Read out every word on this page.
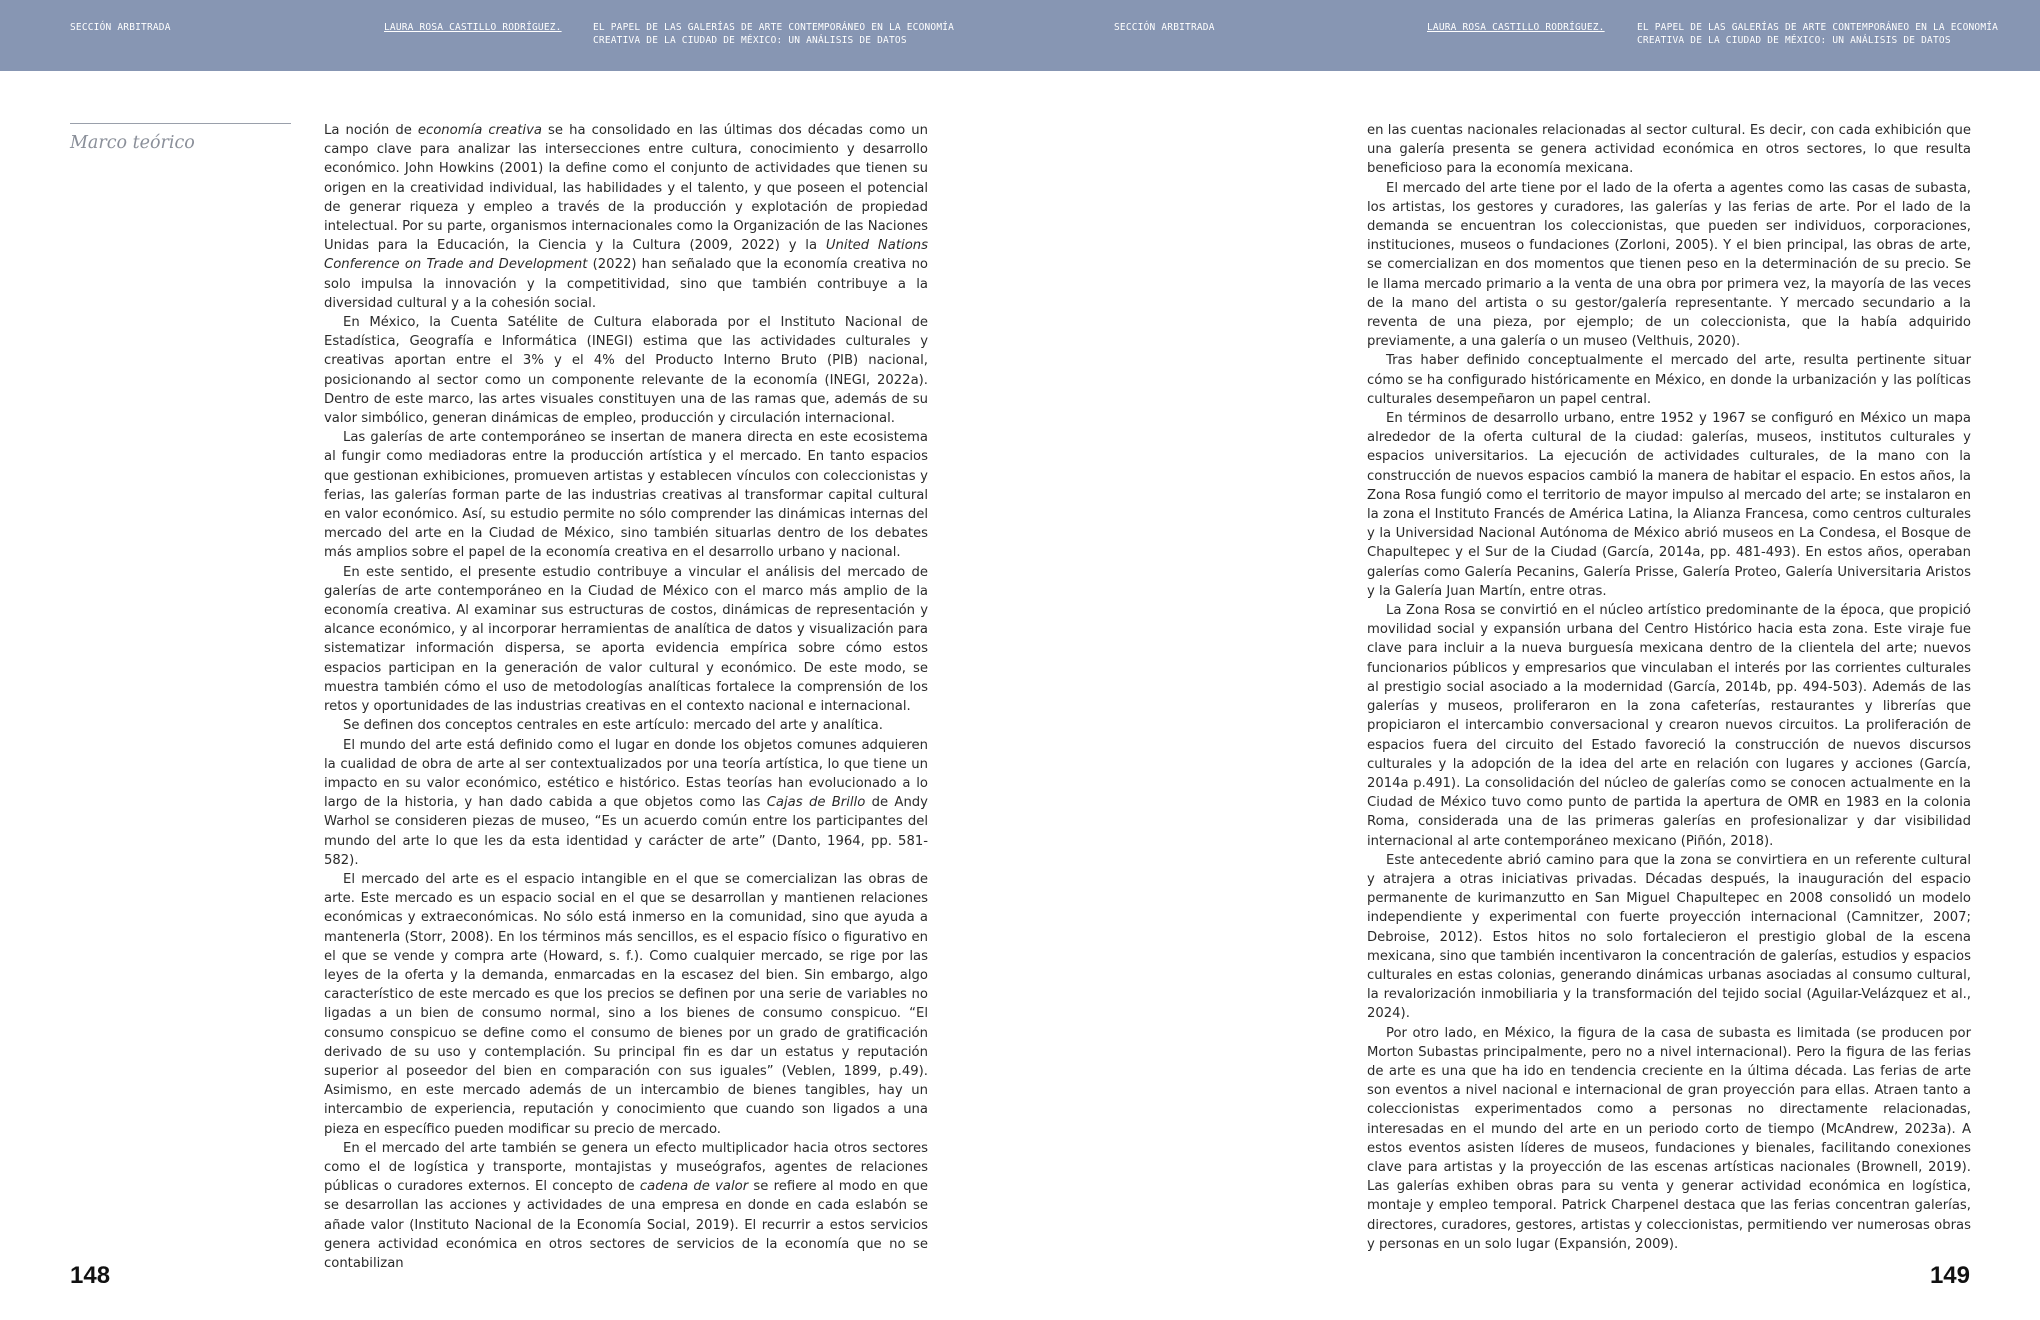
SECCIÓN ARBITRADA	LAURA ROSA CASTILLO RODRÍGUEZ.	EL PAPEL DE LAS GALERÍAS DE ARTE CONTEMPORÁNEO EN LA ECONOMÍA
CREATIVA DE LA CIUDAD DE MÉXICO: UN ANÁLISIS DE DATOS
SECCIÓN ARBITRADA	LAURA ROSA CASTILLO RODRÍGUEZ.	EL PAPEL DE LAS GALERÍAS DE ARTE CONTEMPORÁNEO EN LA ECONOMÍA
CREATIVA DE LA CIUDAD DE MÉXICO: UN ANÁLISIS DE DATOS
Marco teórico

La noción de economía creativa se ha consolidado en las últimas dos décadas como un campo clave para analizar las intersecciones entre cultura, conocimiento y desarrollo económico. John Howkins (2001) la define como el conjunto de actividades que tienen su origen en la creatividad individual, las habilidades y el talento, y que poseen el potencial de generar riqueza y empleo a través de la producción y explotación de propiedad intelectual. Por su parte, organismos internacionales como la Organización de las Naciones Unidas para la Educación, la Ciencia y la Cultura (2009, 2022) y la United Nations Conference on Trade and Development (2022) han señalado que la economía creativa no solo impulsa la innovación y la competitividad, sino que también contribuye a la diversidad cultural y a la cohesión social.

En México, la Cuenta Satélite de Cultura elaborada por el Instituto Nacional de Estadística, Geografía e Informática (INEGI) estima que las actividades culturales y creativas aportan entre el 3% y el 4% del Producto Interno Bruto (PIB) nacional, posicionando al sector como un componente relevante de la economía (INEGI, 2022a). Dentro de este marco, las artes visuales constituyen una de las ramas que, además de su valor simbólico, generan dinámicas de empleo, producción y circulación internacional.

Las galerías de arte contemporáneo se insertan de manera directa en este ecosistema al fungir como mediadoras entre la producción artística y el mercado. En tanto espacios que gestionan exhibiciones, promueven artistas y establecen vínculos con coleccionistas y ferias, las galerías forman parte de las industrias creativas al transformar capital cultural en valor económico. Así, su estudio permite no sólo comprender las dinámicas internas del mercado del arte en la Ciudad de México, sino también situarlas dentro de los debates más amplios sobre el papel de la economía creativa en el desarrollo urbano y nacional.

En este sentido, el presente estudio contribuye a vincular el análisis del mercado de galerías de arte contemporáneo en la Ciudad de México con el marco más amplio de la economía creativa. Al examinar sus estructuras de costos, dinámicas de representación y alcance económico, y al incorporar herramientas de analítica de datos y visualización para sistematizar información dispersa, se aporta evidencia empírica sobre cómo estos espacios participan en la generación de valor cultural y económico. De este modo, se muestra también cómo el uso de metodologías analíticas fortalece la comprensión de los retos y oportunidades de las industrias creativas en el contexto nacional e internacional.

Se definen dos conceptos centrales en este artículo: mercado del arte y analítica.

El mundo del arte está definido como el lugar en donde los objetos comunes adquieren la cualidad de obra de arte al ser contextualizados por una teoría artística, lo que tiene un impacto en su valor económico, estético e histórico. Estas teorías han evolucionado a lo largo de la historia, y han dado cabida a que objetos como las Cajas de Brillo de Andy Warhol se consideren piezas de museo, “Es un acuerdo común entre los participantes del mundo del arte lo que les da esta identidad y carácter de arte” (Danto, 1964, pp. 581-582).

El mercado del arte es el espacio intangible en el que se comercializan las obras de arte. Este mercado es un espacio social en el que se desarrollan y mantienen relaciones económicas y extraeconómicas. No sólo está inmerso en la comunidad, sino que ayuda a mantenerla (Storr, 2008). En los términos más sencillos, es el espacio físico o figurativo en el que se vende y compra arte (Howard, s. f.). Como cualquier mercado, se rige por las leyes de la oferta y la demanda, enmarcadas en la escasez del bien. Sin embargo, algo característico de este mercado es que los precios se definen por una serie de variables no ligadas a un bien de consumo normal, sino a los bienes de consumo conspicuo. “El consumo conspicuo se define como el consumo de bienes por un grado de gratificación derivado de su uso y contemplación. Su principal fin es dar un estatus y reputación superior al poseedor del bien en comparación con sus iguales” (Veblen, 1899, p.49). Asimismo, en este mercado además de un intercambio de bienes tangibles, hay un intercambio de experiencia, reputación y conocimiento que cuando son ligados a una pieza en específico pueden modificar su precio de mercado.

En el mercado del arte también se genera un efecto multiplicador hacia otros sectores como el de logística y transporte, montajistas y museógrafos, agentes de relaciones públicas o curadores externos. El concepto de cadena de valor se refiere al modo en que se desarrollan las acciones y actividades de una empresa en donde en cada eslabón se añade valor (Instituto Nacional de la Economía Social, 2019). El recurrir a estos servicios genera actividad económica en otros sectores de servicios de la economía que no se contabilizan

en las cuentas nacionales relacionadas al sector cultural. Es decir, con cada exhibición que una galería presenta se genera actividad económica en otros sectores, lo que resulta beneficioso para la economía mexicana.

El mercado del arte tiene por el lado de la oferta a agentes como las casas de subasta, los artistas, los gestores y curadores, las galerías y las ferias de arte. Por el lado de la demanda se encuentran los coleccionistas, que pueden ser individuos, corporaciones, instituciones, museos o fundaciones (Zorloni, 2005). Y el bien principal, las obras de arte, se comercializan en dos momentos que tienen peso en la determinación de su precio. Se le llama mercado primario a la venta de una obra por primera vez, la mayoría de las veces de la mano del artista o su gestor/galería representante. Y mercado secundario a la reventa de una pieza, por ejemplo; de un coleccionista, que la había adquirido previamente, a una galería o un museo (Velthuis, 2020).

Tras haber definido conceptualmente el mercado del arte, resulta pertinente situar cómo se ha configurado históricamente en México, en donde la urbanización y las políticas culturales desempeñaron un papel central.

En términos de desarrollo urbano, entre 1952 y 1967 se configuró en México un mapa alrededor de la oferta cultural de la ciudad: galerías, museos, institutos culturales y espacios universitarios. La ejecución de actividades culturales, de la mano con la construcción de nuevos espacios cambió la manera de habitar el espacio. En estos años, la Zona Rosa fungió como el territorio de mayor impulso al mercado del arte; se instalaron en la zona el Instituto Francés de América Latina, la Alianza Francesa, como centros culturales y la Universidad Nacional Autónoma de México abrió museos en La Condesa, el Bosque de Chapultepec y el Sur de la Ciudad (García, 2014a, pp. 481-493). En estos años, operaban galerías como Galería Pecanins, Galería Prisse, Galería Proteo, Galería Universitaria Aristos y la Galería Juan Martín, entre otras.

La Zona Rosa se convirtió en el núcleo artístico predominante de la época, que propició movilidad social y expansión urbana del Centro Histórico hacia esta zona. Este viraje fue clave para incluir a la nueva burguesía mexicana dentro de la clientela del arte; nuevos funcionarios públicos y empresarios que vinculaban el interés por las corrientes culturales al prestigio social asociado a la modernidad (García, 2014b, pp. 494-503). Además de las galerías y museos, proliferaron en la zona cafeterías, restaurantes y librerías que propiciaron el intercambio conversacional y crearon nuevos circuitos. La proliferación de espacios fuera del circuito del Estado favoreció la construcción de nuevos discursos culturales y la adopción de la idea del arte en relación con lugares y acciones (García, 2014a p.491). La consolidación del núcleo de galerías como se conocen actualmente en la Ciudad de México tuvo como punto de partida la apertura de OMR en 1983 en la colonia Roma, considerada una de las primeras galerías en profesionalizar y dar visibilidad internacional al arte contemporáneo mexicano (Piñón, 2018).

Este antecedente abrió camino para que la zona se convirtiera en un referente cultural y atrajera a otras iniciativas privadas. Décadas después, la inauguración del espacio permanente de kurimanzutto en San Miguel Chapultepec en 2008 consolidó un modelo independiente y experimental con fuerte proyección internacional (Camnitzer, 2007; Debroise, 2012). Estos hitos no solo fortalecieron el prestigio global de la escena mexicana, sino que también incentivaron la concentración de galerías, estudios y espacios culturales en estas colonias, generando dinámicas urbanas asociadas al consumo cultural, la revalorización inmobiliaria y la transformación del tejido social (Aguilar-Velázquez et al., 2024).

Por otro lado, en México, la figura de la casa de subasta es limitada (se producen por Morton Subastas principalmente, pero no a nivel internacional). Pero la figura de las ferias de arte es una que ha ido en tendencia creciente en la última década. Las ferias de arte son eventos a nivel nacional e internacional de gran proyección para ellas. Atraen tanto a coleccionistas experimentados como a personas no directamente relacionadas, interesadas en el mundo del arte en un periodo corto de tiempo (McAndrew, 2023a). A estos eventos asisten líderes de museos, fundaciones y bienales, facilitando conexiones clave para artistas y la proyección de las escenas artísticas nacionales (Brownell, 2019). Las galerías exhiben obras para su venta y generar actividad económica en logística, montaje y empleo temporal. Patrick Charpenel destaca que las ferias concentran galerías, directores, curadores, gestores, artistas y coleccionistas, permitiendo ver numerosas obras y personas en un solo lugar (Expansión, 2009).

148	149
